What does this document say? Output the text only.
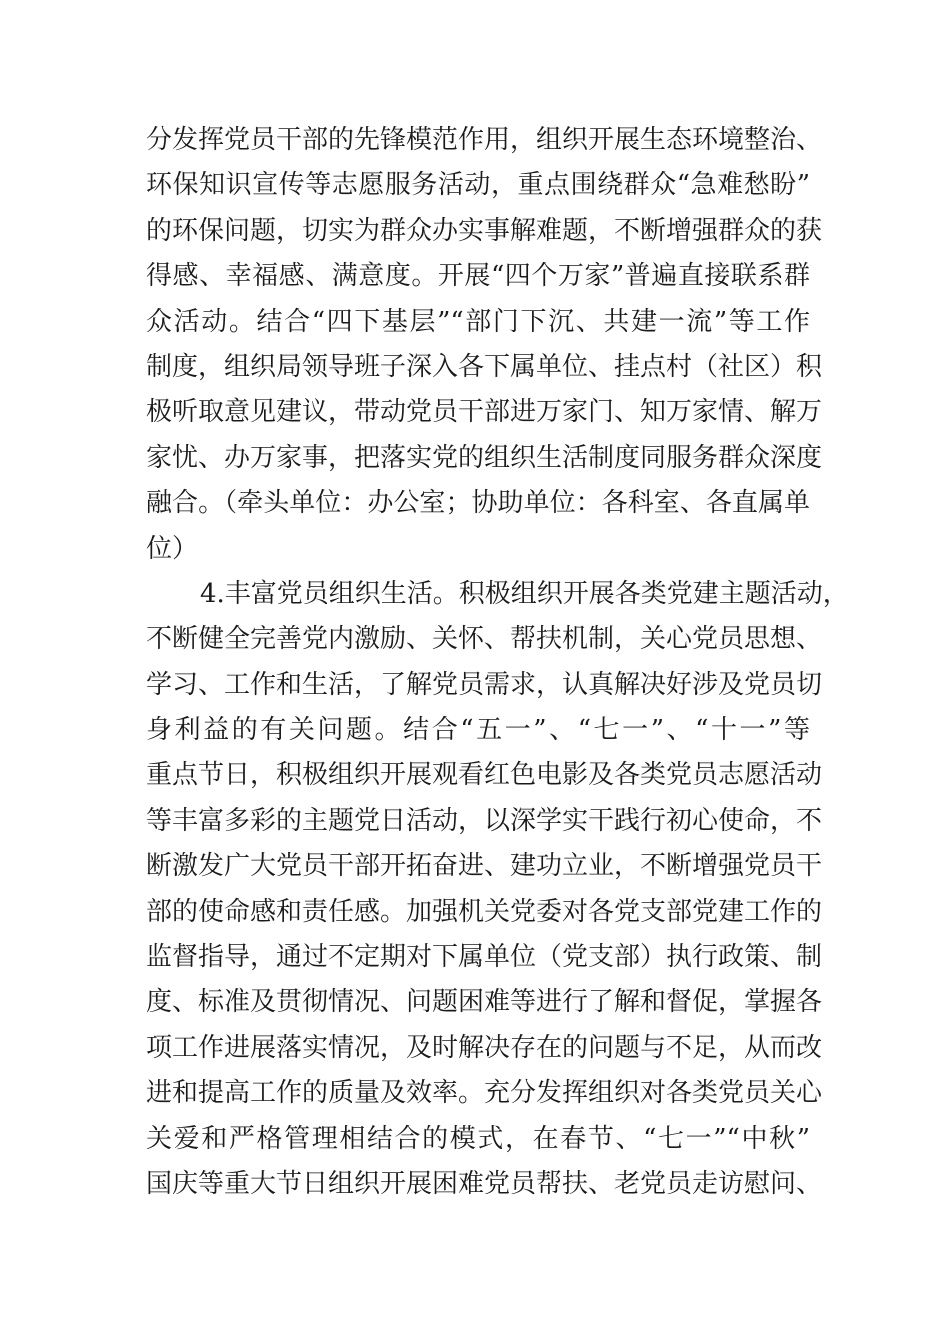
分发挥党员干部的先锋模范作用，组织开展生态环境整治、
环保知识宣传等志愿服务活动，重点围绕群众“急难愁盼”
的环保问题，切实为群众办实事解难题，不断增强群众的获
得感、幸福感、满意度。开展“四个万家”普遍直接联系群
众活动。结合“四下基层”“部门下沉、共建一流”等工作
制度，组织局领导班子深入各下属单位、挂点村（社区）积
极听取意见建议，带动党员干部进万家门、知万家情、解万
家忧、办万家事，把落实党的组织生活制度同服务群众深度
融合。（牵头单位：办公室；协助单位：各科室、各直属单
位）
4.丰富党员组织生活。积极组织开展各类党建主题活动，
不断健全完善党内激励、关怀、帮扶机制，关心党员思想、
学习、工作和生活，了解党员需求，认真解决好涉及党员切
身利益的有关问题。结合“五一”、“七一”、“十一”等
重点节日，积极组织开展观看红色电影及各类党员志愿活动
等丰富多彩的主题党日活动，以深学实干践行初心使命，不
断激发广大党员干部开拓奋进、建功立业，不断增强党员干
部的使命感和责任感。加强机关党委对各党支部党建工作的
监督指导，通过不定期对下属单位（党支部）执行政策、制
度、标准及贯彻情况、问题困难等进行了解和督促，掌握各
项工作进展落实情况，及时解决存在的问题与不足，从而改
进和提高工作的质量及效率。充分发挥组织对各类党员关心
关爱和严格管理相结合的模式，在春节、“七一”“中秋”
国庆等重大节日组织开展困难党员帮扶、老党员走访慰问、
